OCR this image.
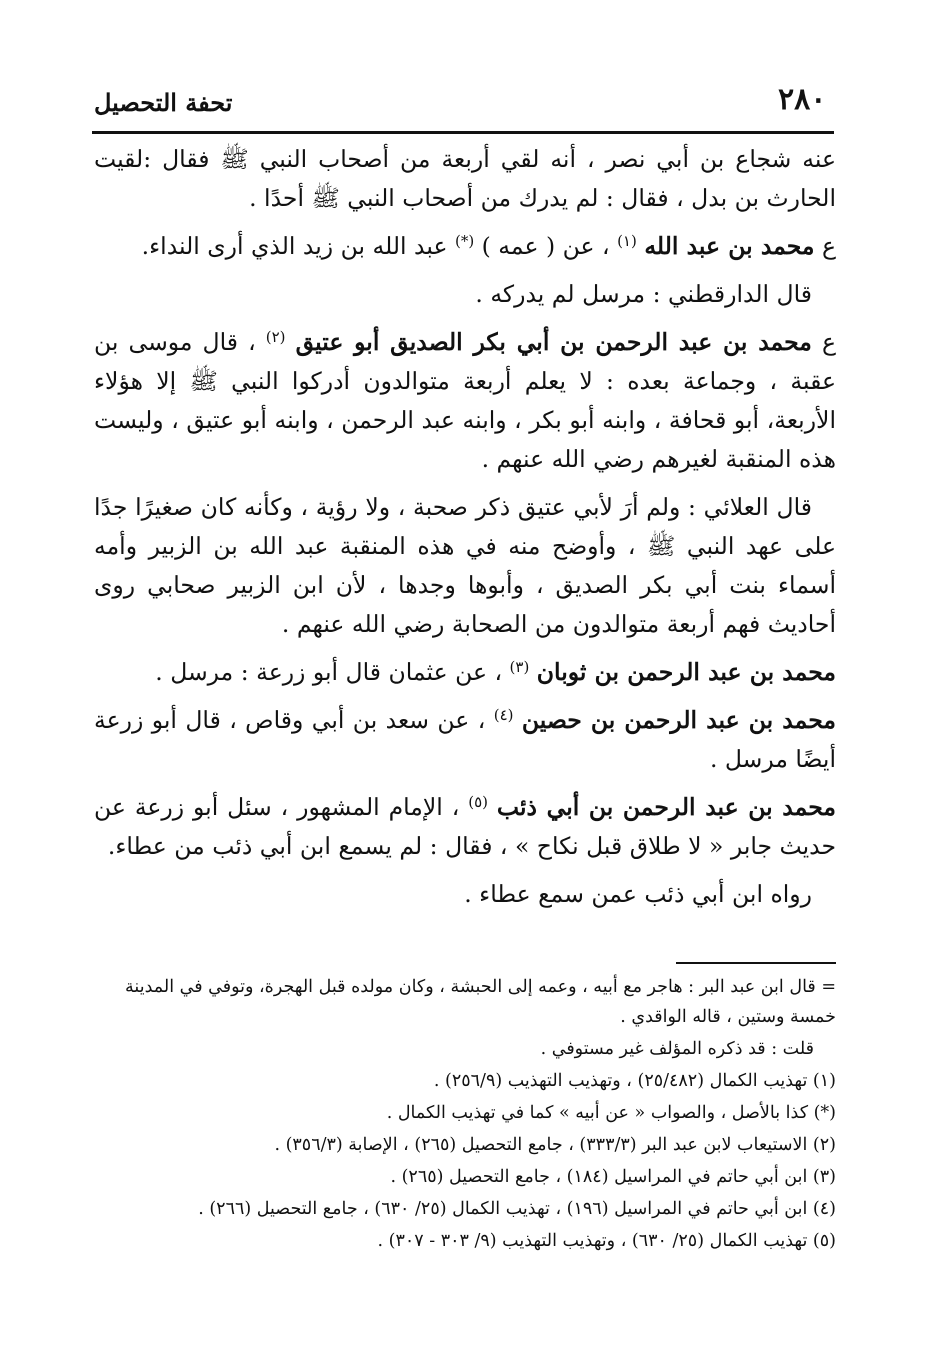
٢٨٠
تحفة التحصيل

عنه شجاع بن أبي نصر ، أنه لقي أربعة من أصحاب النبي ﷺ فقال :لقيت الحارث بن بدل ، فقال : لم يدرك من أصحاب النبي ﷺ أحدًا .

ع محمد بن عبد الله $^{(١)}$ ، عن ( عمه ) (*) عبد الله بن زيد الذي أرى النداء.

قال الدارقطني : مرسل لم يدركه .

ع محمد بن عبد الرحمن بن أبي بكر الصديق أبو عتيق $^{(٢)}$ ، قال موسى بن عقبة ، وجماعة بعده : لا يعلم أربعة متوالدون أدركوا النبي ﷺ إلا هؤلاء الأربعة، أبو قحافة ، وابنه أبو بكر ، وابنه عبد الرحمن ، وابنه أبو عتيق ، وليست هذه المنقبة لغيرهم رضي الله عنهم .

قال العلائي : ولم أرَ لأبي عتيق ذكر صحبة ، ولا رؤية ، وكأنه كان صغيرًا جدًا على عهد النبي ﷺ ، وأوضح منه في هذه المنقبة عبد الله بن الزبير وأمه أسماء بنت أبي بكر الصديق ، وأبوها وجدها ، لأن ابن الزبير صحابي روى أحاديث فهم أربعة متوالدون من الصحابة رضي الله عنهم .

محمد بن عبد الرحمن بن ثوبان $^{(٣)}$ ، عن عثمان قال أبو زرعة : مرسل .

محمد بن عبد الرحمن بن حصين $^{(٤)}$ ، عن سعد بن أبي وقاص ، قال أبو زرعة أيضًا مرسل .

محمد بن عبد الرحمن بن أبي ذئب $^{(٥)}$ ، الإمام المشهور ، سئل أبو زرعة عن حديث جابر « لا طلاق قبل نكاح » ، فقال : لم يسمع ابن أبي ذئب من عطاء.

رواه ابن أبي ذئب عمن سمع عطاء .

= قال ابن عبد البر : هاجر مع أبيه ، وعمه إلى الحبشة ، وكان مولده قبل الهجرة، وتوفي في المدينة خمسة وستين ، قاله الواقدي .

قلت : قد ذكره المؤلف غير مستوفي .

(١) تهذيب الكمال (٢٥/٤٨٢) ، وتهذيب التهذيب (٢٥٦/٩) .

(*) كذا بالأصل ، والصواب « عن أبيه » كما في تهذيب الكمال .

(٢) الاستيعاب لابن عبد البر (٣٣٣/٣) ، جامع التحصيل (٢٦٥) ، الإصابة (٣٥٦/٣) .

(٣) ابن أبي حاتم في المراسيل (١٨٤) ، جامع التحصيل (٢٦٥) .

(٤) ابن أبي حاتم في المراسيل (١٩٦) ، تهذيب الكمال (٢٥/ ٦٣٠) ، جامع التحصيل (٢٦٦) .

(٥) تهذيب الكمال (٢٥/ ٦٣٠) ، وتهذيب التهذيب (٩/ ٣٠٣ - ٣٠٧) .
